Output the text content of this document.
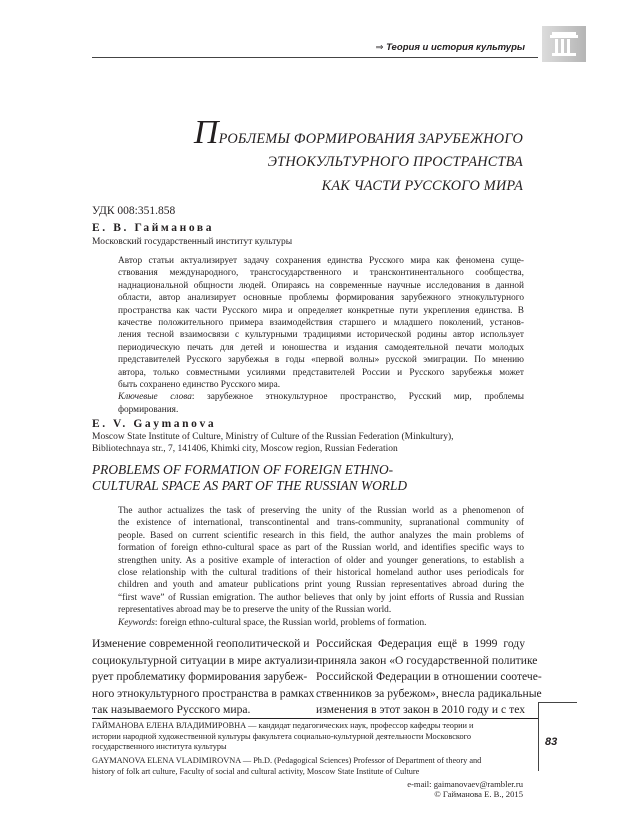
⇒ Теория и история культуры
ПРОБЛЕМЫ ФОРМИРОВАНИЯ ЗАРУБЕЖНОГО
ЭТНОКУЛЬТУРНОГО ПРОСТРАНСТВА
КАК ЧАСТИ РУССКОГО МИРА
УДК 008:351.858
Е. В. Гайманова
Московский государственный институт культуры
Автор статьи актуализирует задачу сохранения единства Русского мира как феномена суще-
ствования международного, трансгосударственного и трансконтинентального сообщества,
наднациональной общности людей. Опираясь на современные научные исследования в данной
области, автор анализирует основные проблемы формирования зарубежного этнокультурного
пространства как части Русского мира и определяет конкретные пути укрепления единства. В
качестве положительного примера взаимодействия старшего и младшего поколений, установ-
ления тесной взаимосвязи с культурными традициями исторической родины автор использует
периодическую печать для детей и юношества и издания самодеятельной печати молодых
представителей Русского зарубежья в годы «первой волны» русской эмиграции. По мнению
автора, только совместными усилиями представителей России и Русского зарубежья может
быть сохранено единство Русского мира.
Ключевые слова: зарубежное этнокультурное пространство, Русский мир, проблемы
формирования.
E. V. Gaymanova
Moscow State Institute of Culture, Ministry of Culture of the Russian Federation (Minkultury),
Bibliotechnaya str., 7, 141406, Khimki city, Moscow region, Russian Federation
PROBLEMS OF FORMATION OF FOREIGN ETHNO-
CULTURAL SPACE AS PART OF THE RUSSIAN WORLD
The author actualizes the task of preserving the unity of the Russian world as a phenomenon of
the existence of international, transcontinental and trans-community, supranational community of
people. Based on current scientific research in this field, the author analyzes the main problems of
formation of foreign ethno-cultural space as part of the Russian world, and identifies specific ways to
strengthen unity. As a positive example of interaction of older and younger generations, to establish a
close relationship with the cultural traditions of their historical homeland author uses periodicals for
children and youth and amateur publications print young Russian representatives abroad during the
“first wave” of Russian emigration. The author believes that only by joint efforts of Russia and Russian
representatives abroad may be to preserve the unity of the Russian world.
Keywords: foreign ethno-cultural space, the Russian world, problems of formation.
Изменение современной геополитической и
социокультурной ситуации в мире актуализи-
рует проблематику формирования зарубеж-
ного этнокультурного пространства в рамках
так называемого Русского мира.
Российская Федерация ещё в 1999 году
приняла закон «О государственной политике
Российской Федерации в отношении соотече-
ственников за рубежом», внесла радикальные
изменения в этот закон в 2010 году и с тех
ГАЙМАНОВА ЕЛЕНА ВЛАДИМИРОВНА — кандидат педагогических наук, профессор кафедры теории и
истории народной художественной культуры факультета социально-культурной деятельности Московского
государственного института культуры
GAYMANOVA ELENA VLADIMIROVNA — Ph.D. (Pedagogical Sciences) Professor of Department of theory and
history of folk art culture, Faculty of social and cultural activity, Moscow State Institute of Culture
83
e-mail: gaimanovaev@rambler.ru
© Гайманова Е. В., 2015
